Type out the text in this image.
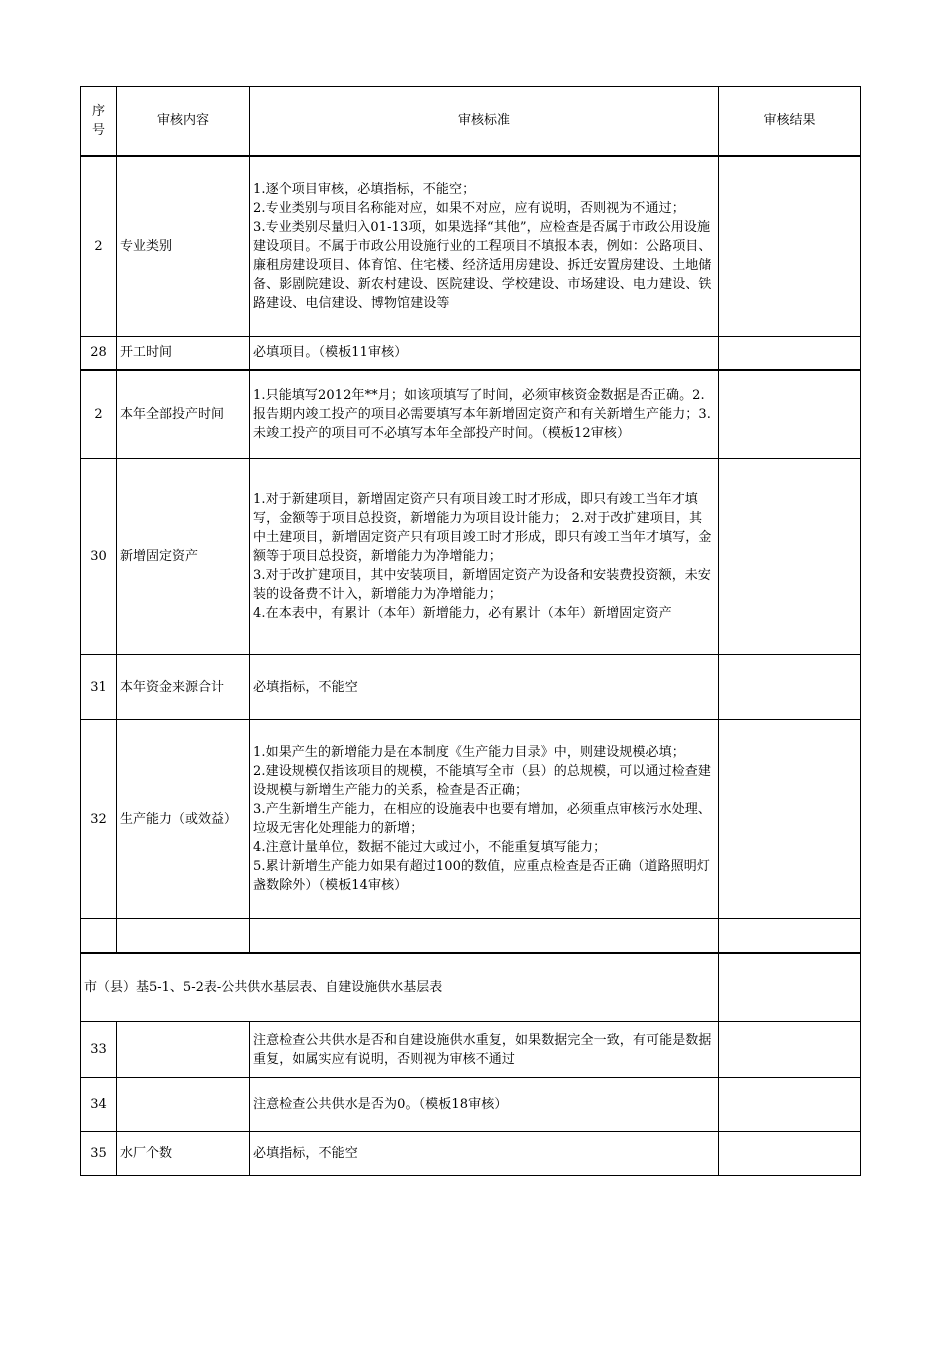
序号	审核内容	审核标准	审核结果
2	专业类别	1.逐个项目审核，必填指标，不能空；
2.专业类别与项目名称能对应，如果不对应，应有说明，否则视为不通过；
3.专业类别尽量归入01-13项，如果选择“其他”，应检查是否属于市政公用设施建设项目。不属于市政公用设施行业的工程项目不填报本表，例如：公路项目、廉租房建设项目、体育馆、住宅楼、经济适用房建设、拆迁安置房建设、土地储备、影剧院建设、新农村建设、医院建设、学校建设、市场建设、电力建设、铁路建设、电信建设、博物馆建设等	
28	开工时间	必填项目。（模板11审核）	
2	本年全部投产时间	1.只能填写2012年**月；如该项填写了时间，必须审核资金数据是否正确。2.报告期内竣工投产的项目必需要填写本年新增固定资产和有关新增生产能力；3.未竣工投产的项目可不必填写本年全部投产时间。（模板12审核）	
30	新增固定资产	1.对于新建项目，新增固定资产只有项目竣工时才形成，即只有竣工当年才填写，金额等于项目总投资，新增能力为项目设计能力； 2.对于改扩建项目，其中土建项目，新增固定资产只有项目竣工时才形成，即只有竣工当年才填写，金额等于项目总投资，新增能力为净增能力；
3.对于改扩建项目，其中安装项目，新增固定资产为设备和安装费投资额，未安装的设备费不计入，新增能力为净增能力；
4.在本表中，有累计（本年）新增能力，必有累计（本年）新增固定资产	
31	本年资金来源合计	必填指标，不能空	
32	生产能力（或效益）	1.如果产生的新增能力是在本制度《生产能力目录》中，则建设规模必填；
2.建设规模仅指该项目的规模，不能填写全市（县）的总规模，可以通过检查建设规模与新增生产能力的关系，检查是否正确；
3.产生新增生产能力，在相应的设施表中也要有增加，必须重点审核污水处理、垃圾无害化处理能力的新增；
4.注意计量单位，数据不能过大或过小，不能重复填写能力；
5.累计新增生产能力如果有超过100的数值，应重点检查是否正确（道路照明灯盏数除外）（模板14审核）	

市（县）基5-1、5-2表-公共供水基层表、自建设施供水基层表			
33		注意检查公共供水是否和自建设施供水重复，如果数据完全一致，有可能是数据重复，如属实应有说明，否则视为审核不通过	
34		注意检查公共供水是否为0。（模板18审核）	
35	水厂个数	必填指标，不能空	
